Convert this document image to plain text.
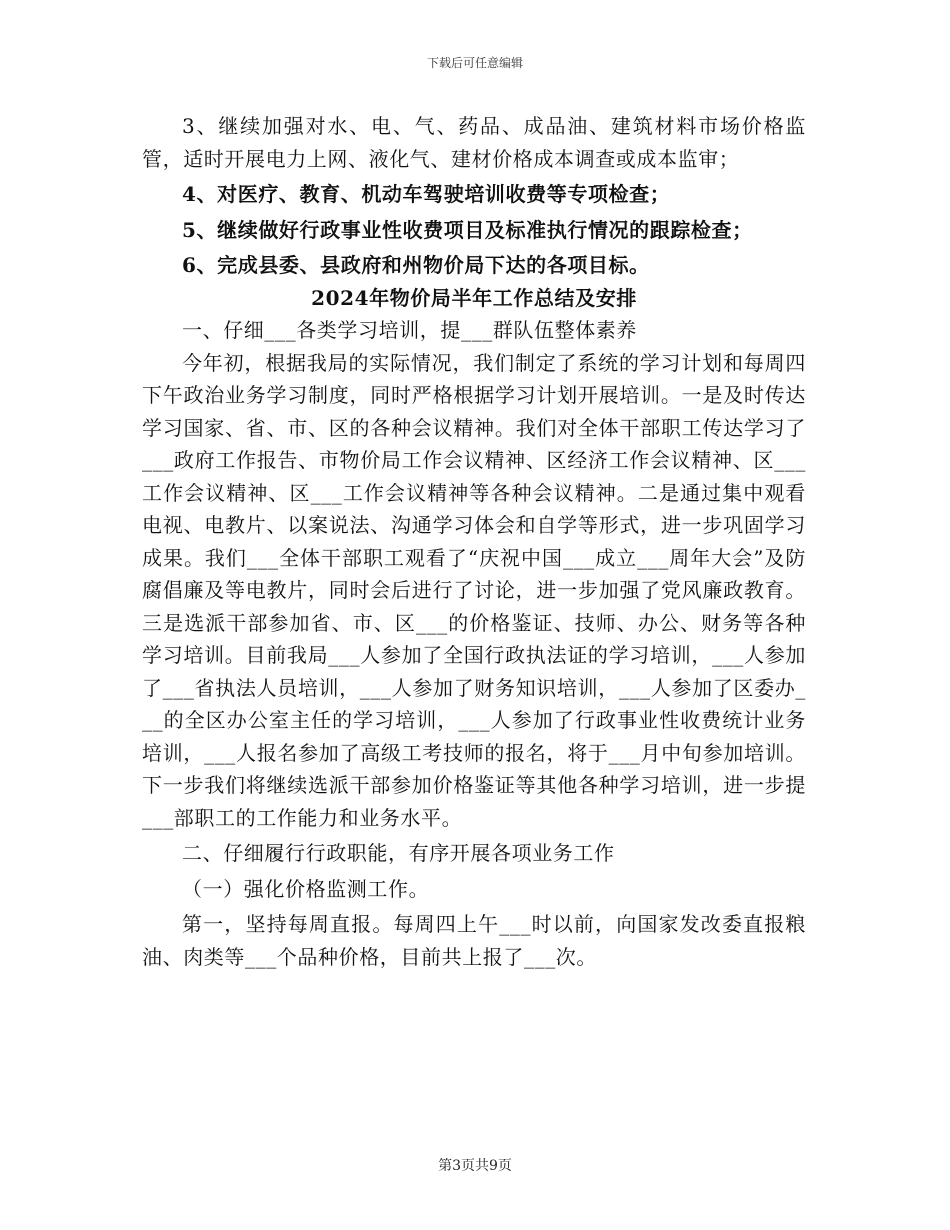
下载后可任意编辑

3、继续加强对水、电、气、药品、成品油、建筑材料市场价格监管，适时开展电力上网、液化气、建材价格成本调查或成本监审；

4、对医疗、教育、机动车驾驶培训收费等专项检查；

5、继续做好行政事业性收费项目及标准执行情况的跟踪检查；

6、完成县委、县政府和州物价局下达的各项目标。

2024年物价局半年工作总结及安排

一、仔细___各类学习培训，提___群队伍整体素养

今年初，根据我局的实际情况，我们制定了系统的学习计划和每周四下午政治业务学习制度，同时严格根据学习计划开展培训。一是及时传达学习国家、省、市、区的各种会议精神。我们对全体干部职工传达学习了___政府工作报告、市物价局工作会议精神、区经济工作会议精神、区___工作会议精神、区___工作会议精神等各种会议精神。二是通过集中观看电视、电教片、以案说法、沟通学习体会和自学等形式，进一步巩固学习成果。我们___全体干部职工观看了“庆祝中国___成立___周年大会”及防腐倡廉及等电教片，同时会后进行了讨论，进一步加强了党风廉政教育。三是选派干部参加省、市、区___的价格鉴证、技师、办公、财务等各种学习培训。目前我局___人参加了全国行政执法证的学习培训，___人参加了___省执法人员培训，___人参加了财务知识培训，___人参加了区委办___的全区办公室主任的学习培训，___人参加了行政事业性收费统计业务培训，___人报名参加了高级工考技师的报名，将于___月中旬参加培训。下一步我们将继续选派干部参加价格鉴证等其他各种学习培训，进一步提___部职工的工作能力和业务水平。

二、仔细履行行政职能，有序开展各项业务工作

（一）强化价格监测工作。

第一，坚持每周直报。每周四上午___时以前，向国家发改委直报粮油、肉类等___个品种价格，目前共上报了___次。

第3页共9页
